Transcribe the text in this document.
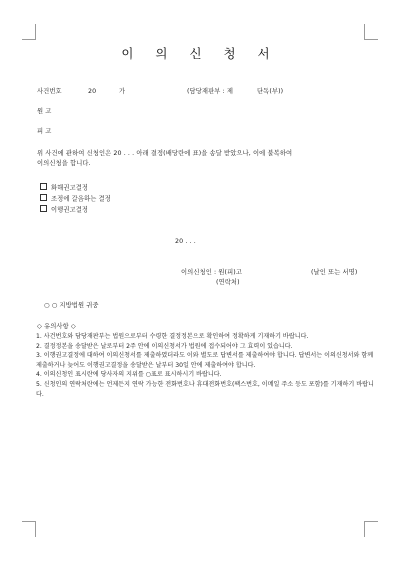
이 의 신 청 서
사건번호	20	가	(담당재판부 : 제	단독(부))
원 고
피 고
위 사건에 관하여 신청인은 20 . . . 아래 결정(배당란에 표)을 송달 받았으나, 이에 불복하여
이의신청을 합니다.
화해권고결정
조정에 갈음하는 결정
이행권고결정
20 . . .
이의신청인 : 원(피)고	(날인 또는 서명)
(연락처)
○ ○ 지방법원 귀중
◇ 유의사항 ◇
1. 사건번호와 담당재판부는 법원으로부터 수령한 결정정본으로 확인하여 정확하게 기재하기 바랍니다.
2. 결정정본을 송달받은 날로부터 2주 안에 이의신청서가 법원에 접수되어야 그 효력이 있습니다.
3. 이행권고결정에 대하여 이의신청서를 제출하였더라도 이와 별도로 답변서를 제출하여야 합니다. 답변서는 이의신청서와 함께 제출하거나 늦어도 이행권고결정을 송달받은 날부터 30일 안에 제출하여야 합니다.
4. 이의신청인 표시란에 당사자의 지위를 ○표로 표시하시기 바랍니다.
5. 신청인의 연락처란에는 언제든지 연락 가능한 전화번호나 휴대전화번호(팩스번호, 이메일 주소 등도 포함)를 기재하기 바랍니다.
